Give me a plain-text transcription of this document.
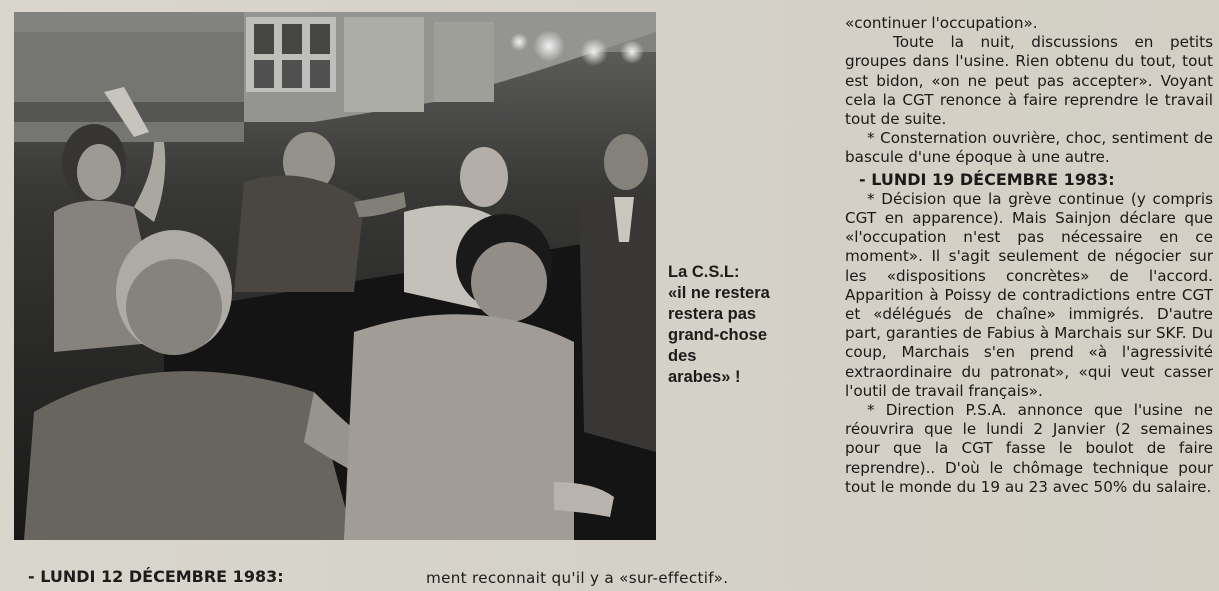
La C.S.L:
«il ne restera
restera pas
grand-chose
des
arabes» !

«continuer l'occupation».

Toute la nuit, discussions en petits groupes dans l'usine. Rien obtenu du tout, tout est bidon, «on ne peut pas accepter». Voyant cela la CGT renonce à faire reprendre le travail tout de suite.

* Consternation ouvrière, choc, sentiment de bascule d'une époque à une autre.

- LUNDI 19 DÉCEMBRE 1983:

* Décision que la grève continue (y compris CGT en apparence). Mais Sainjon déclare que «l'occupation n'est pas nécessaire en ce moment». Il s'agit seulement de négocier sur les «dispositions concrètes» de l'accord. Apparition à Poissy de contradictions entre CGT et «délégués de chaîne» immigrés. D'autre part, garanties de Fabius à Marchais sur SKF. Du coup, Marchais s'en prend «à l'agressivité extraordinaire du patronat», «qui veut casser l'outil de travail français».

* Direction P.S.A. annonce que l'usine ne réouvrira que le lundi 2 Janvier (2 semaines pour que la CGT fasse le boulot de faire reprendre).. D'où le chômage technique pour tout le monde du 19 au 23 avec 50% du salaire.

- LUNDI 12 DÉCEMBRE 1983:	ment reconnait qu'il y a «sur-effectif».
